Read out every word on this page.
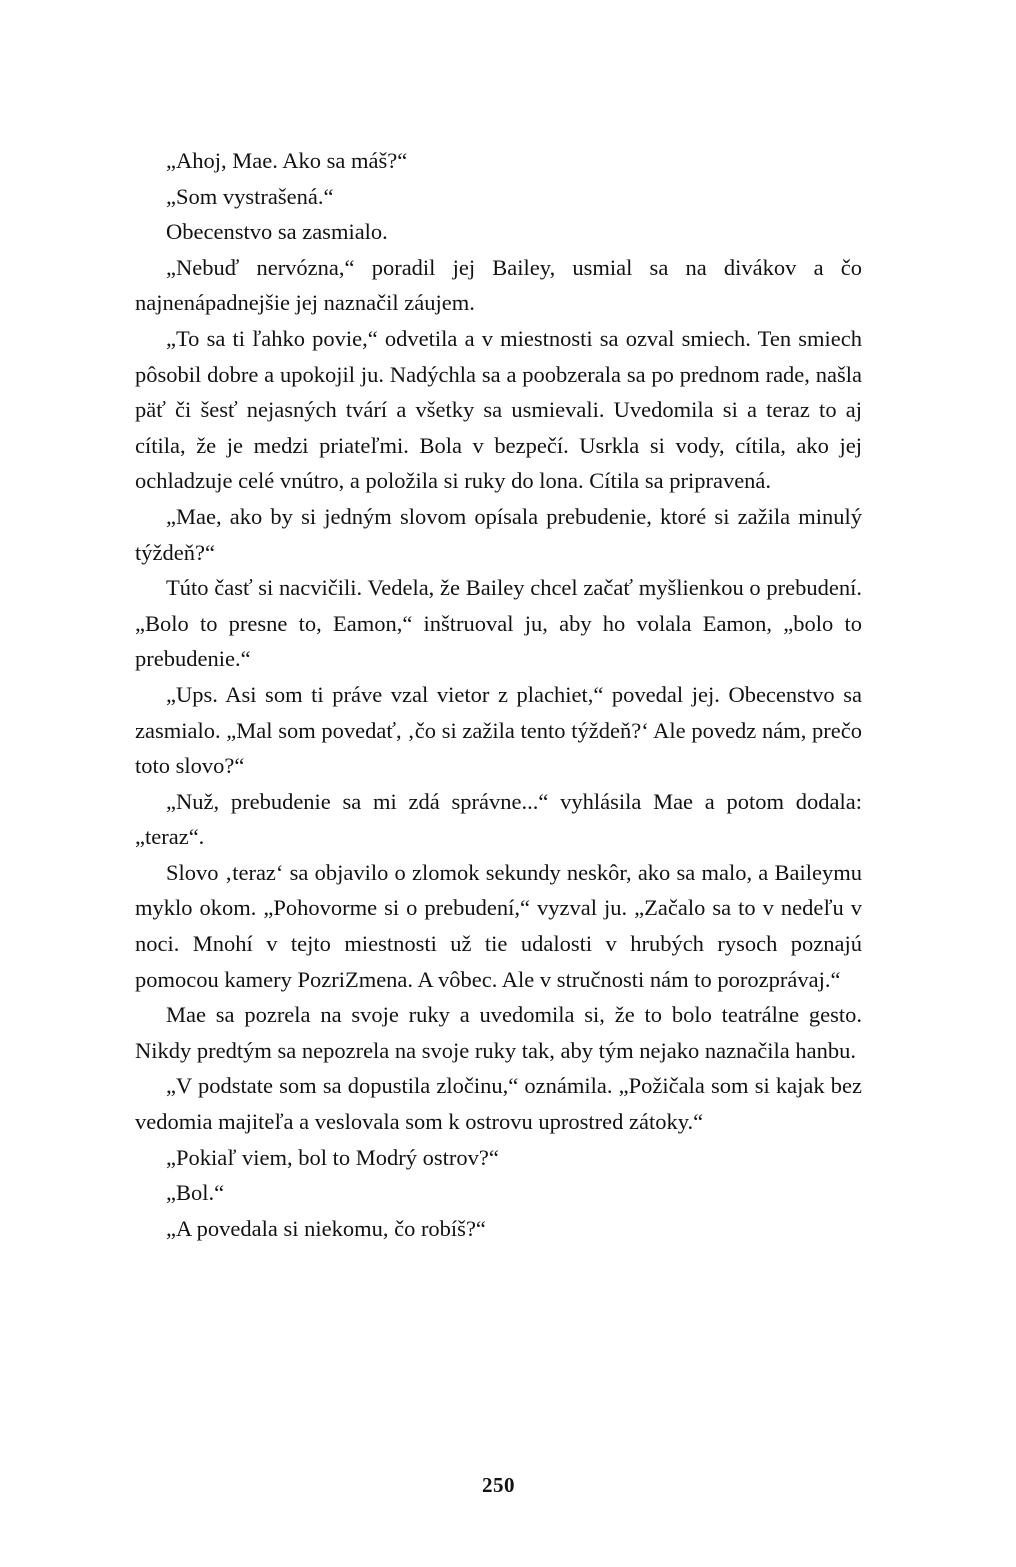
„Ahoj, Mae. Ako sa máš?“

„Som vystrašená.“

Obecenstvo sa zasmialo.

„Nebuď nervózna,“ poradil jej Bailey, usmial sa na divákov a čo najnenápadnejšie jej naznačil záujem.

„To sa ti ľahko povie,“ odvetila a v miestnosti sa ozval smiech. Ten smiech pôsobil dobre a upokojil ju. Nadýchla sa a poobzerala sa po prednom rade, našla päť či šesť nejasných tvárí a všetky sa usmievali. Uvedomila si a teraz to aj cítila, že je medzi priateľmi. Bola v bezpečí. Usrkla si vody, cítila, ako jej ochladzuje celé vnútro, a položila si ruky do lona. Cítila sa pripravená.

„Mae, ako by si jedným slovom opísala prebudenie, ktoré si zažila minulý týždeň?“

Túto časť si nacvičili. Vedela, že Bailey chcel začať myšlienkou o prebudení. „Bolo to presne to, Eamon,“ inštruoval ju, aby ho volala Eamon, „bolo to prebudenie.“

„Ups. Asi som ti práve vzal vietor z plachiet,“ povedal jej. Obecenstvo sa zasmialo. „Mal som povedať, ‚čo si zažila tento týždeň?‘ Ale povedz nám, prečo toto slovo?“

„Nuž, prebudenie sa mi zdá správne...“ vyhlásila Mae a potom dodala: „teraz“.

Slovo ‚teraz‘ sa objavilo o zlomok sekundy neskôr, ako sa malo, a Baileymu myklo okom. „Pohovorme si o prebudení,“ vyzval ju. „Začalo sa to v nedeľu v noci. Mnohí v tejto miestnosti už tie udalosti v hrubých rysoch poznajú pomocou kamery PozriZmena. A vôbec. Ale v stručnosti nám to porozprávaj.“

Mae sa pozrela na svoje ruky a uvedomila si, že to bolo teatrálne gesto. Nikdy predtým sa nepozrela na svoje ruky tak, aby tým nejako naznačila hanbu.

„V podstate som sa dopustila zločinu,“ oznámila. „Požičala som si kajak bez vedomia majiteľa a veslovala som k ostrovu uprostred zátoky.“

„Pokiaľ viem, bol to Modrý ostrov?“

„Bol.“

„A povedala si niekomu, čo robíš?“

250
